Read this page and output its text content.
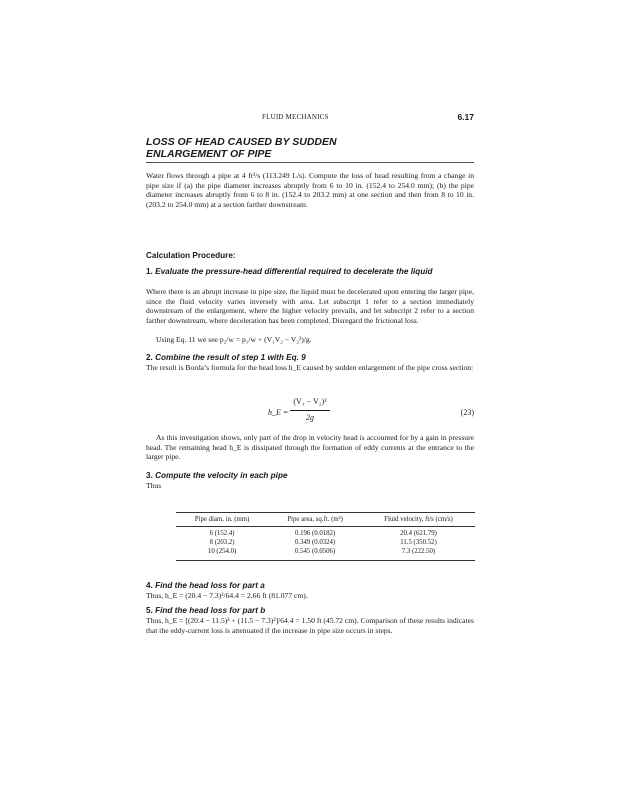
FLUID MECHANICS	6.17
LOSS OF HEAD CAUSED BY SUDDEN
ENLARGEMENT OF PIPE
Water flows through a pipe at 4 ft³/s (113.249 L/s). Compute the loss of head resulting from a change in pipe size if (a) the pipe diameter increases abruptly from 6 to 10 in. (152.4 to 254.0 mm); (b) the pipe diameter increases abruptly from 6 to 8 in. (152.4 to 203.2 mm) at one section and then from 8 to 10 in. (203.2 to 254.0 mm) at a section farther downstream.
Calculation Procedure:
1. Evaluate the pressure-head differential required to decelerate the liquid
Where there is an abrupt increase in pipe size, the liquid must be decelerated upon entering the larger pipe, since the fluid velocity varies inversely with area. Let subscript 1 refer to a section immediately downstream of the enlargement, where the higher velocity prevails, and let subscript 2 refer to a section farther downstream, where deceleration has been completed. Disregard the frictional loss.
Using Eq. 11 we see p₂/w = p₁/w + (V₁V₂ − V₂²)/g.
2. Combine the result of step 1 with Eq. 9
The result is Borda’s formula for the head loss h_E caused by sudden enlargement of the pipe cross section:
h_E =
(V₁ − V₂)²
2g
(23)
As this investigation shows, only part of the drop in velocity head is accounted for by a gain in pressure head. The remaining head h_E is dissipated through the formation of eddy currents at the entrance to the larger pipe.
3. Compute the velocity in each pipe
Thus
Pipe diam, in. (mm)	Pipe area, sq.ft. (m²)	Fluid velocity, ft/s (cm/s)
6 (152.4)	0.196 (0.0182)	20.4 (621.79)
8 (203.2)	0.349 (0.0324)	11.5 (350.52)
10 (254.0)	0.545 (0.0506)	7.3 (222.50)
4. Find the head loss for part a
Thus, h_E = (20.4 − 7.3)²/64.4 = 2.66 ft (81.077 cm).
5. Find the head loss for part b
Thus, h_E = [(20.4 − 11.5)² + (11.5 − 7.3)²]/64.4 = 1.50 ft (45.72 cm). Comparison of these results indicates that the eddy-current loss is attenuated if the increase in pipe size occurs in steps.
